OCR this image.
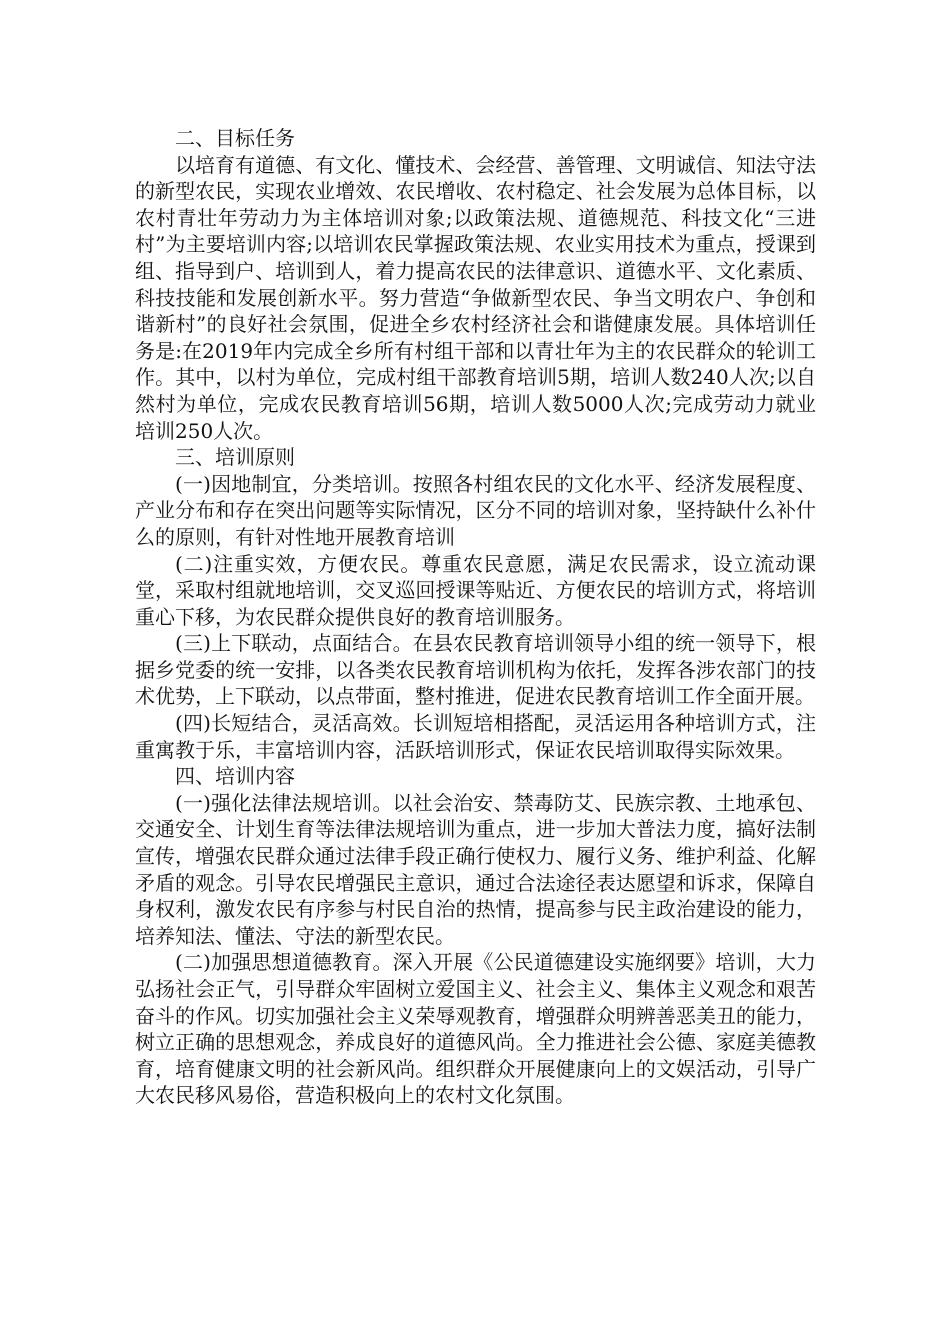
二、目标任务

以培育有道德、有文化、懂技术、会经营、善管理、文明诚信、知法守法的新型农民，实现农业增效、农民增收、农村稳定、社会发展为总体目标，以农村青壮年劳动力为主体培训对象;以政策法规、道德规范、科技文化“三进村”为主要培训内容;以培训农民掌握政策法规、农业实用技术为重点，授课到组、指导到户、培训到人，着力提高农民的法律意识、道德水平、文化素质、科技技能和发展创新水平。努力营造“争做新型农民、争当文明农户、争创和谐新村”的良好社会氛围，促进全乡农村经济社会和谐健康发展。具体培训任务是:在2019年内完成全乡所有村组干部和以青壮年为主的农民群众的轮训工作。其中，以村为单位，完成村组干部教育培训5期，培训人数240人次;以自然村为单位，完成农民教育培训56期，培训人数5000人次;完成劳动力就业培训250人次。

三、培训原则

(一)因地制宜，分类培训。按照各村组农民的文化水平、经济发展程度、产业分布和存在突出问题等实际情况，区分不同的培训对象，坚持缺什么补什么的原则，有针对性地开展教育培训

(二)注重实效，方便农民。尊重农民意愿，满足农民需求，设立流动课堂，采取村组就地培训，交叉巡回授课等贴近、方便农民的培训方式，将培训重心下移，为农民群众提供良好的教育培训服务。

(三)上下联动，点面结合。在县农民教育培训领导小组的统一领导下，根据乡党委的统一安排，以各类农民教育培训机构为依托，发挥各涉农部门的技术优势，上下联动，以点带面，整村推进，促进农民教育培训工作全面开展。

(四)长短结合，灵活高效。长训短培相搭配，灵活运用各种培训方式，注重寓教于乐，丰富培训内容，活跃培训形式，保证农民培训取得实际效果。

四、培训内容

(一)强化法律法规培训。以社会治安、禁毒防艾、民族宗教、土地承包、交通安全、计划生育等法律法规培训为重点，进一步加大普法力度，搞好法制宣传，增强农民群众通过法律手段正确行使权力、履行义务、维护利益、化解矛盾的观念。引导农民增强民主意识，通过合法途径表达愿望和诉求，保障自身权利，激发农民有序参与村民自治的热情，提高参与民主政治建设的能力，培养知法、懂法、守法的新型农民。

(二)加强思想道德教育。深入开展《公民道德建设实施纲要》培训，大力弘扬社会正气，引导群众牢固树立爱国主义、社会主义、集体主义观念和艰苦奋斗的作风。切实加强社会主义荣辱观教育，增强群众明辨善恶美丑的能力，树立正确的思想观念，养成良好的道德风尚。全力推进社会公德、家庭美德教育，培育健康文明的社会新风尚。组织群众开展健康向上的文娱活动，引导广大农民移风易俗，营造积极向上的农村文化氛围。
